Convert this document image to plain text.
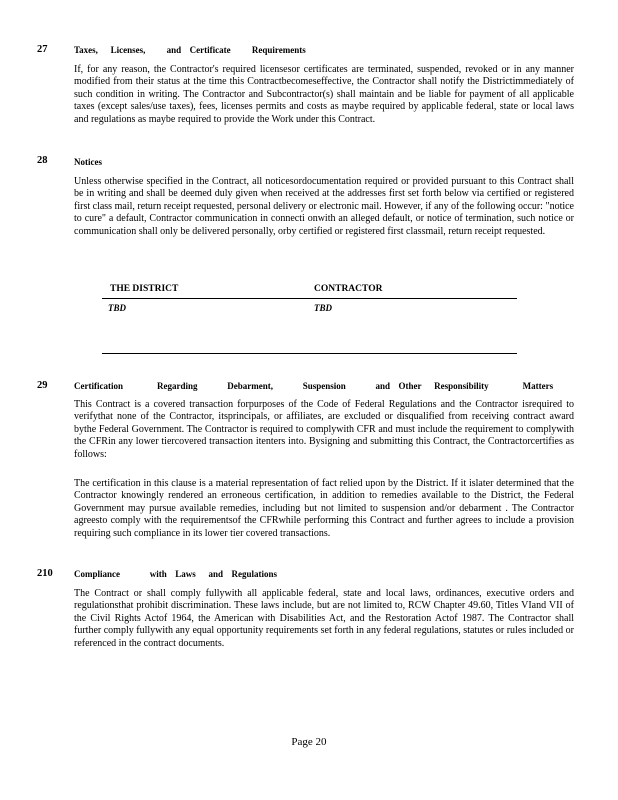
27	Taxes,   Licenses,     and  Certificate     Requirements
If, for any reason, the Contractor's required licensesor certificates are terminated, suspended, revoked or in any manner modified from their status at the time this Contractbecomeseffective, the Contractor shall notify the Districtimmediately of such condition in writing. The Contractor and Subcontractor(s) shall maintain and be liable for payment of all applicable taxes (except sales/use taxes), fees, licenses permits and costs as maybe required by applicable federal, state or local laws and regulations as maybe required to provide the Work under this Contract.
28	Notices
Unless otherwise specified in the Contract, all noticesordocumentation required or provided pursuant to this Contract shall be in writing and shall be deemed duly given when received at the addresses first set forth below via certified or registered first class mail, return receipt requested, personal delivery or electronic mail. However, if any of the following occur: "notice to cure" a default, Contractor communication in connecti onwith an alleged default, or notice of termination, such notice or communication shall only be delivered personally, orby certified or registered first classmail, return receipt requested.
THE DISTRICT	CONTRACTOR
TBD	TBD
29	Certification        Regarding       Debarment,       Suspension       and  Other   Responsibility        Matters
This Contract is a covered transaction forpurposes of the Code of Federal Regulations and the Contractor isrequired to verifythat none of the Contractor, itsprincipals, or affiliates, are excluded or disqualified from receiving contract award bythe Federal Government. The Contractor is required to complywith CFR and must include the requirement to complywith the CFRin any lower tiercovered transaction itenters into. Bysigning and submitting this Contract, the Contractorcertifies as follows:
The certification in this clause is a material representation of fact relied upon by the District. If it islater determined that the Contractor knowingly rendered an erroneous certification, in addition to remedies available to the District, the Federal Government may pursue available remedies, including but not limited to suspension and/or debarment . The Contractor agreesto comply with the requirementsof the CFRwhile performing this Contract and further agrees to include a provision requiring such compliance in its lower tier covered transactions.
210 Compliance       with  Laws   and  Regulations
The Contract or shall comply fullywith all applicable federal, state and local laws, ordinances, executive orders and regulationsthat prohibit discrimination. These laws include, but are not limited to, RCW Chapter 49.60, Titles VIand VII of the Civil Rights Actof 1964, the American with Disabilities Act, and the Restoration Actof 1987. The Contractor shall further comply fullywith any equal opportunity requirements set forth in any federal regulations, statutes or rules included or referenced in the contract documents.
Page 20
